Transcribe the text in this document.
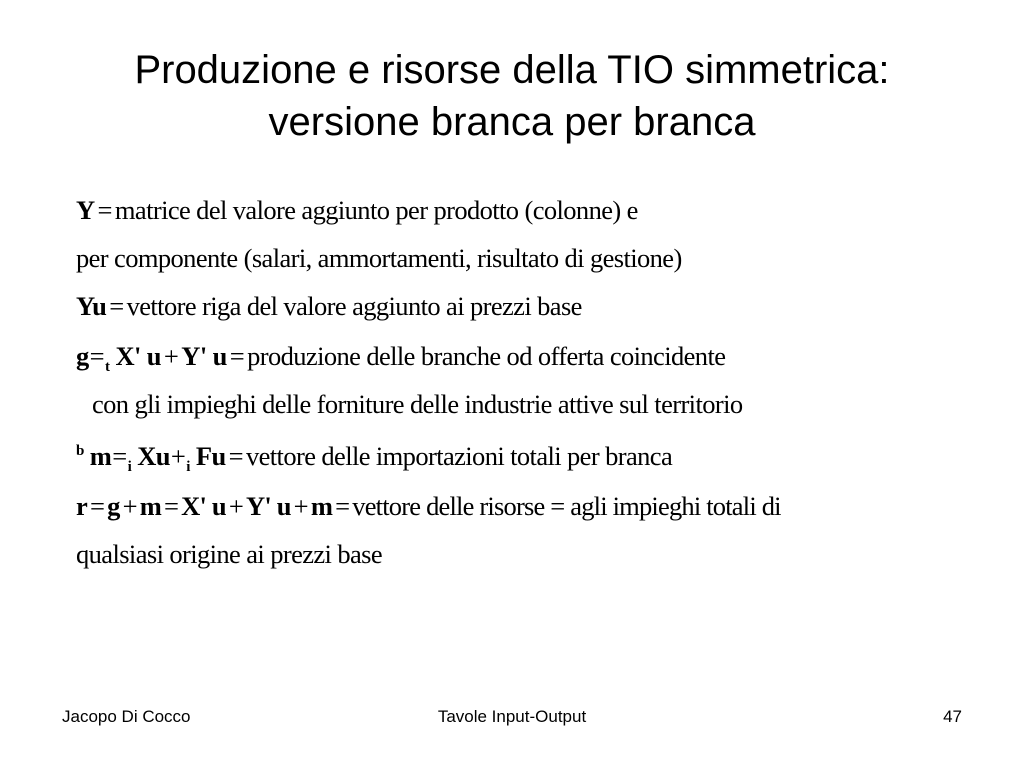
Produzione e risorse della TIO simmetrica:
versione branca per branca
Y = matrice del valore aggiunto per prodotto (colonne) e
per componente (salari, ammortamenti, risultato di gestione)
Yu = vettore riga del valore aggiunto ai prezzi base
$g=_t$ X' u + Y' u = produzione delle branche od offerta coincidente
con gli impieghi delle forniture delle industrie attive sul territorio
$^b$ $m=_i$ $Xu+_i$ Fu = vettore delle importazioni totali per branca
r = g + m = X' u + Y' u + m = vettore delle risorse = agli impieghi totali di
qualsiasi origine ai prezzi base
Jacopo Di Cocco	Tavole Input-Output	47
